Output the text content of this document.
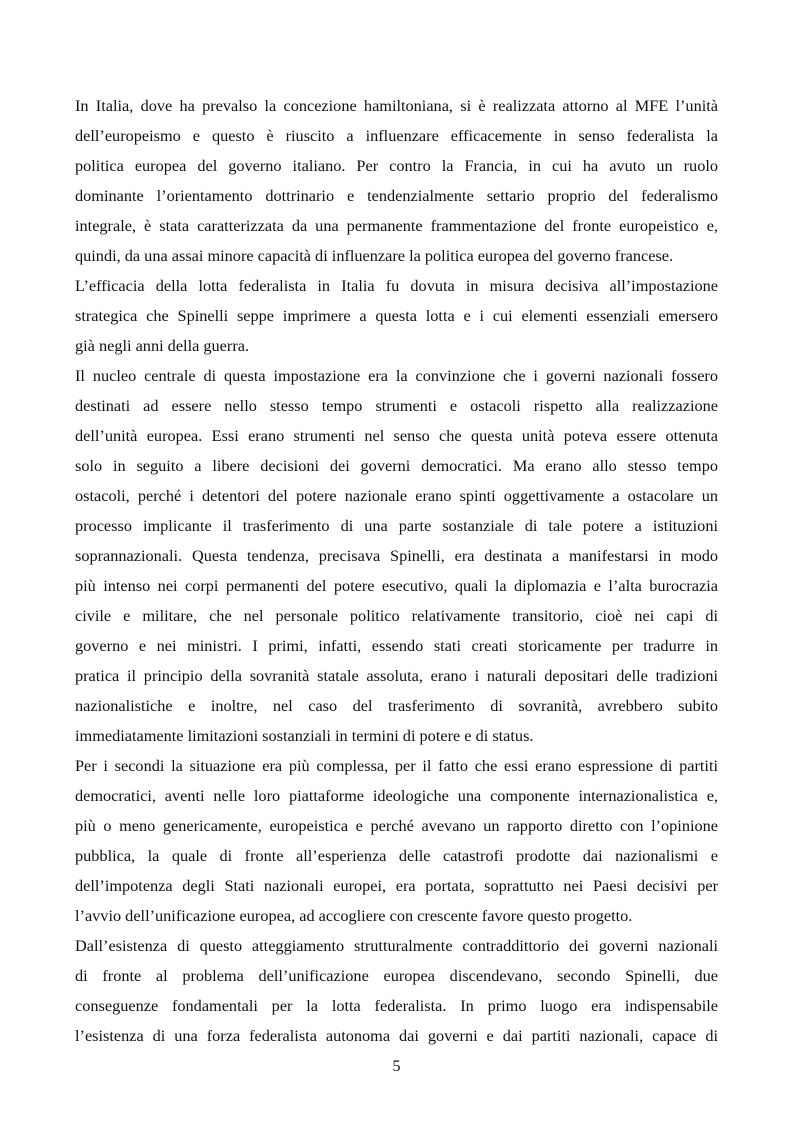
In Italia, dove ha prevalso la concezione hamiltoniana, si è realizzata attorno al MFE l’unità
dell’europeismo e questo è riuscito a influenzare efficacemente in senso federalista la
politica europea del governo italiano. Per contro la Francia, in cui ha avuto un ruolo
dominante l’orientamento dottrinario e tendenzialmente settario proprio del federalismo
integrale, è stata caratterizzata da una permanente frammentazione del fronte europeistico e,
quindi, da una assai minore capacità di influenzare la politica europea del governo francese.
L’efficacia della lotta federalista in Italia fu dovuta in misura decisiva all’impostazione
strategica che Spinelli seppe imprimere a questa lotta e i cui elementi essenziali emersero
già negli anni della guerra.
Il nucleo centrale di questa impostazione era la convinzione che i governi nazionali fossero
destinati ad essere nello stesso tempo strumenti e ostacoli rispetto alla realizzazione
dell’unità europea. Essi erano strumenti nel senso che questa unità poteva essere ottenuta
solo in seguito a libere decisioni dei governi democratici. Ma erano allo stesso tempo
ostacoli, perché i detentori del potere nazionale erano spinti oggettivamente a ostacolare un
processo implicante il trasferimento di una parte sostanziale di tale potere a istituzioni
soprannazionali. Questa tendenza, precisava Spinelli, era destinata a manifestarsi in modo
più intenso nei corpi permanenti del potere esecutivo, quali la diplomazia e l’alta burocrazia
civile e militare, che nel personale politico relativamente transitorio, cioè nei capi di
governo e nei ministri. I primi, infatti, essendo stati creati storicamente per tradurre in
pratica il principio della sovranità statale assoluta, erano i naturali depositari delle tradizioni
nazionalistiche e inoltre, nel caso del trasferimento di sovranità, avrebbero subito
immediatamente limitazioni sostanziali in termini di potere e di status.
Per i secondi la situazione era più complessa, per il fatto che essi erano espressione di partiti
democratici, aventi nelle loro piattaforme ideologiche una componente internazionalistica e,
più o meno genericamente, europeistica e perché avevano un rapporto diretto con l’opinione
pubblica, la quale di fronte all’esperienza delle catastrofi prodotte dai nazionalismi e
dell’impotenza degli Stati nazionali europei, era portata, soprattutto nei Paesi decisivi per
l’avvio dell’unificazione europea, ad accogliere con crescente favore questo progetto.
Dall’esistenza di questo atteggiamento strutturalmente contraddittorio dei governi nazionali
di fronte al problema dell’unificazione europea discendevano, secondo Spinelli, due
conseguenze fondamentali per la lotta federalista. In primo luogo era indispensabile
l’esistenza di una forza federalista autonoma dai governi e dai partiti nazionali, capace di
5
